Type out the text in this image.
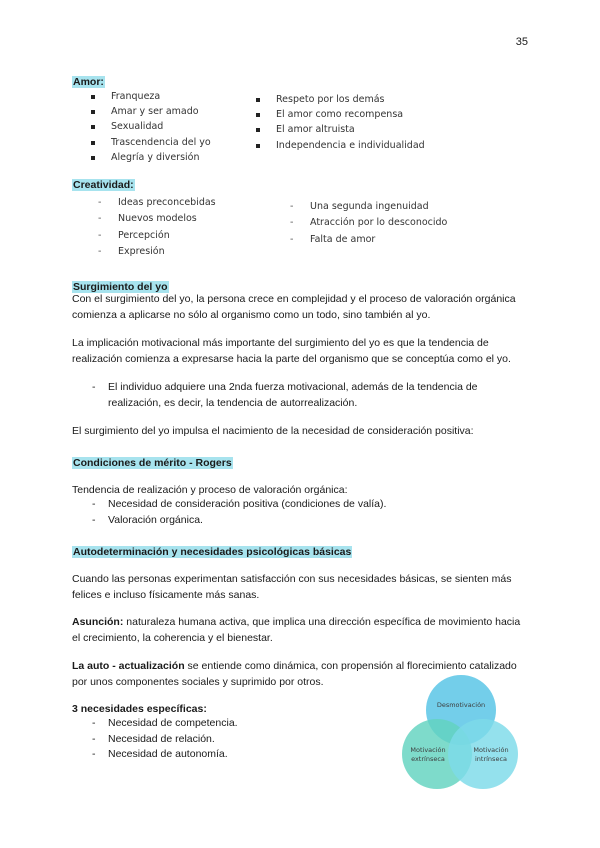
35
Amor:
Franqueza
Amar y ser amado
Sexualidad
Trascendencia del yo
Alegría y diversión
Respeto por los demás
El amor como recompensa
El amor altruista
Independencia e individualidad
Creatividad:
- Ideas preconcebidas
- Nuevos modelos
- Percepción
- Expresión
- Una segunda ingenuidad
- Atracción por lo desconocido
- Falta de amor
Surgimiento del yo

Con el surgimiento del yo, la persona crece en complejidad y el proceso de valoración orgánica comienza a aplicarse no sólo al organismo como un todo, sino también al yo.

La implicación motivacional más importante del surgimiento del yo es que la tendencia de realización comienza a expresarse hacia la parte del organismo que se conceptúa como el yo.

- El individuo adquiere una 2nda fuerza motivacional, además de la tendencia de realización, es decir, la tendencia de autorrealización.

El surgimiento del yo impulsa el nacimiento de la necesidad de consideración positiva:

Condiciones de mérito - Rogers

Tendencia de realización y proceso de valoración orgánica:

- Necesidad de consideración positiva (condiciones de valía).
- Valoración orgánica.
Autodeterminación y necesidades psicológicas básicas

Cuando las personas experimentan satisfacción con sus necesidades básicas, se sienten más felices e incluso físicamente más sanas.

Asunción: naturaleza humana activa, que implica una dirección específica de movimiento hacia el crecimiento, la coherencia y el bienestar.

La auto - actualización se entiende como dinámica, con propensión al florecimiento catalizado por unos componentes sociales y suprimido por otros.

3 necesidades específicas:

- Necesidad de competencia.
- Necesidad de relación.
- Necesidad de autonomía.
Desmotivación
Motivación
extrínseca
Motivación
intrínseca
